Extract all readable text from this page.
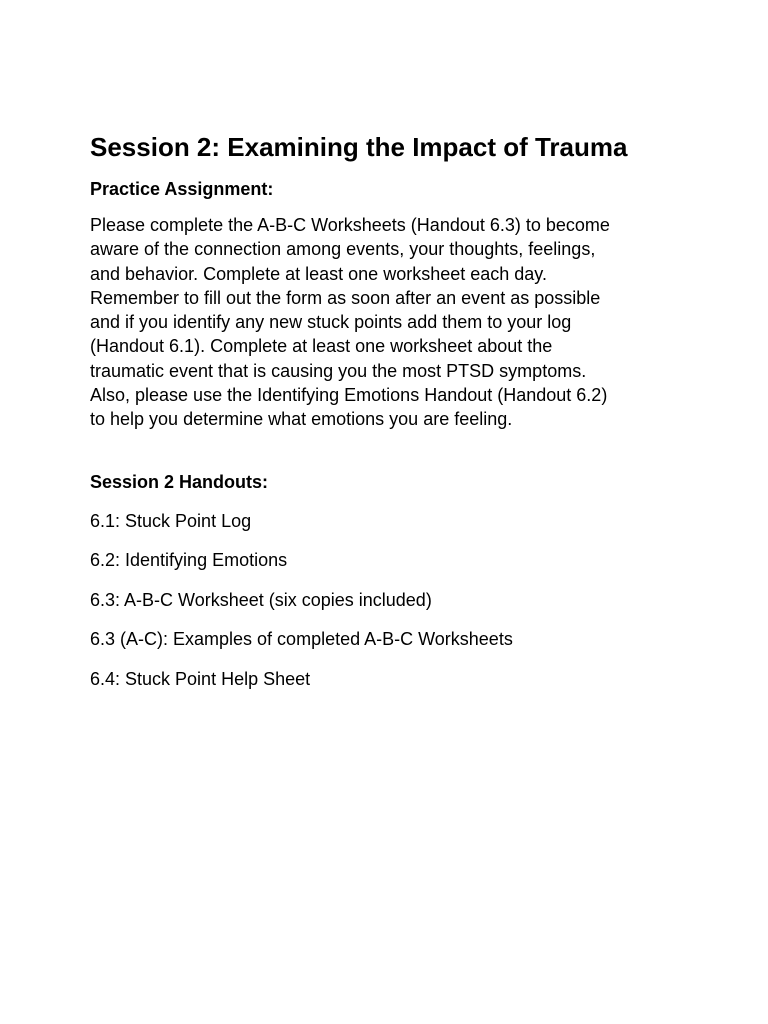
Session 2: Examining the Impact of Trauma
Practice Assignment:

Please complete the A-B-C Worksheets (Handout 6.3) to become
aware of the connection among events, your thoughts, feelings,
and behavior. Complete at least one worksheet each day.
Remember to fill out the form as soon after an event as possible
and if you identify any new stuck points add them to your log
(Handout 6.1). Complete at least one worksheet about the
traumatic event that is causing you the most PTSD symptoms.
Also, please use the Identifying Emotions Handout (Handout 6.2)
to help you determine what emotions you are feeling.

Session 2 Handouts:
6.1: Stuck Point Log
6.2: Identifying Emotions
6.3: A-B-C Worksheet (six copies included)
6.3 (A-C): Examples of completed A-B-C Worksheets
6.4: Stuck Point Help Sheet
